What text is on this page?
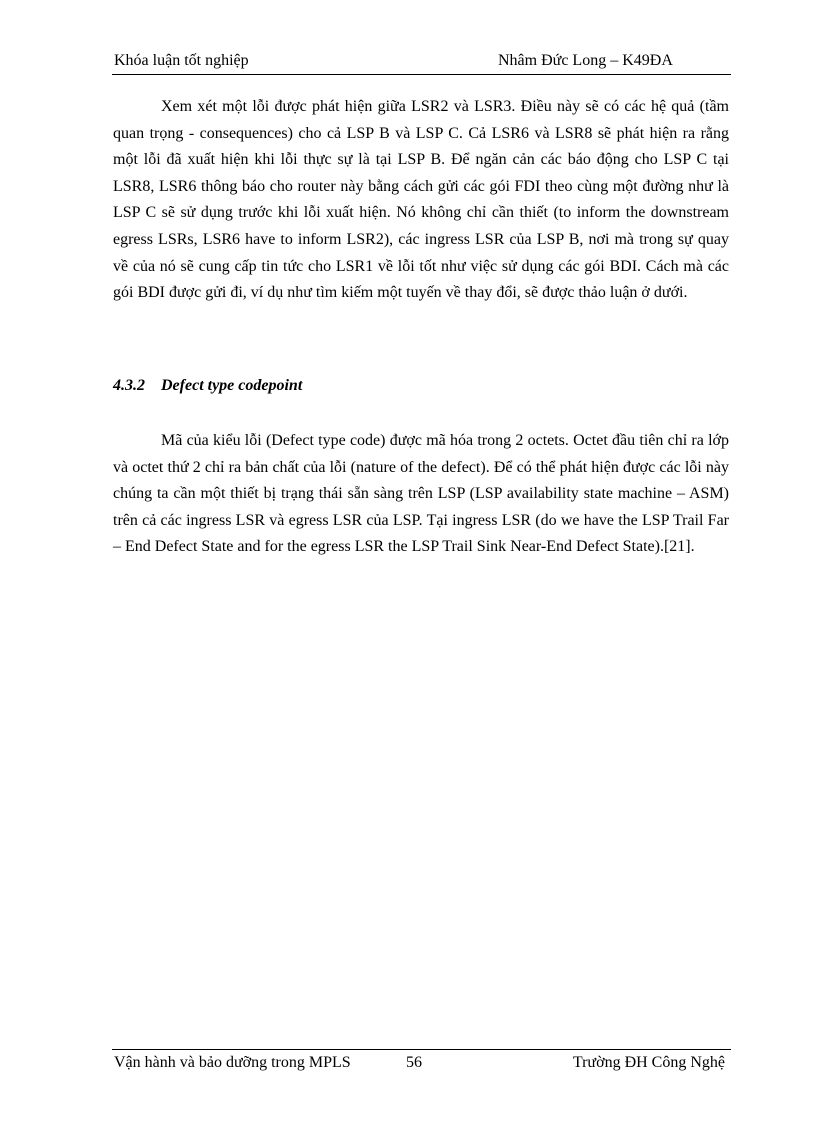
Khóa luận tốt nghiệp	Nhâm Đức Long – K49ĐA

Xem xét một lỗi được phát hiện giữa LSR2 và LSR3. Điều này sẽ có các hệ quả (tầm quan trọng - consequences) cho cả LSP B và LSP C. Cả LSR6 và LSR8 sẽ phát hiện ra rằng một lỗi đã xuất hiện khi lỗi thực sự là tại LSP B. Để ngăn cản các báo động cho LSP C tại LSR8, LSR6 thông báo cho router này bằng cách gửi các gói FDI theo cùng một đường như là LSP C sẽ sử dụng trước khi lỗi xuất hiện. Nó không chỉ cần thiết (to inform the downstream egress LSRs, LSR6 have to inform LSR2), các ingress LSR của LSP B, nơi mà trong sự quay về của nó sẽ cung cấp tin tức cho LSR1 về lỗi tốt như việc sử dụng các gói BDI. Cách mà các gói BDI được gửi đi, ví dụ như tìm kiếm một tuyến về thay đổi, sẽ được thảo luận ở dưới.

4.3.2 Defect type codepoint

Mã của kiểu lỗi (Defect type code) được mã hóa trong 2 octets. Octet đầu tiên chỉ ra lớp và octet thứ 2 chỉ ra bản chất của lỗi (nature of the defect). Để có thể phát hiện được các lỗi này chúng ta cần một thiết bị trạng thái sẵn sàng trên LSP (LSP availability state machine – ASM) trên cả các ingress LSR và egress LSR của LSP. Tại ingress LSR (do we have the LSP Trail Far – End Defect State and for the egress LSR the LSP Trail Sink Near-End Defect State).[21].

Vận hành và bảo dưỡng trong MPLS	56	Trường ĐH Công Nghệ
